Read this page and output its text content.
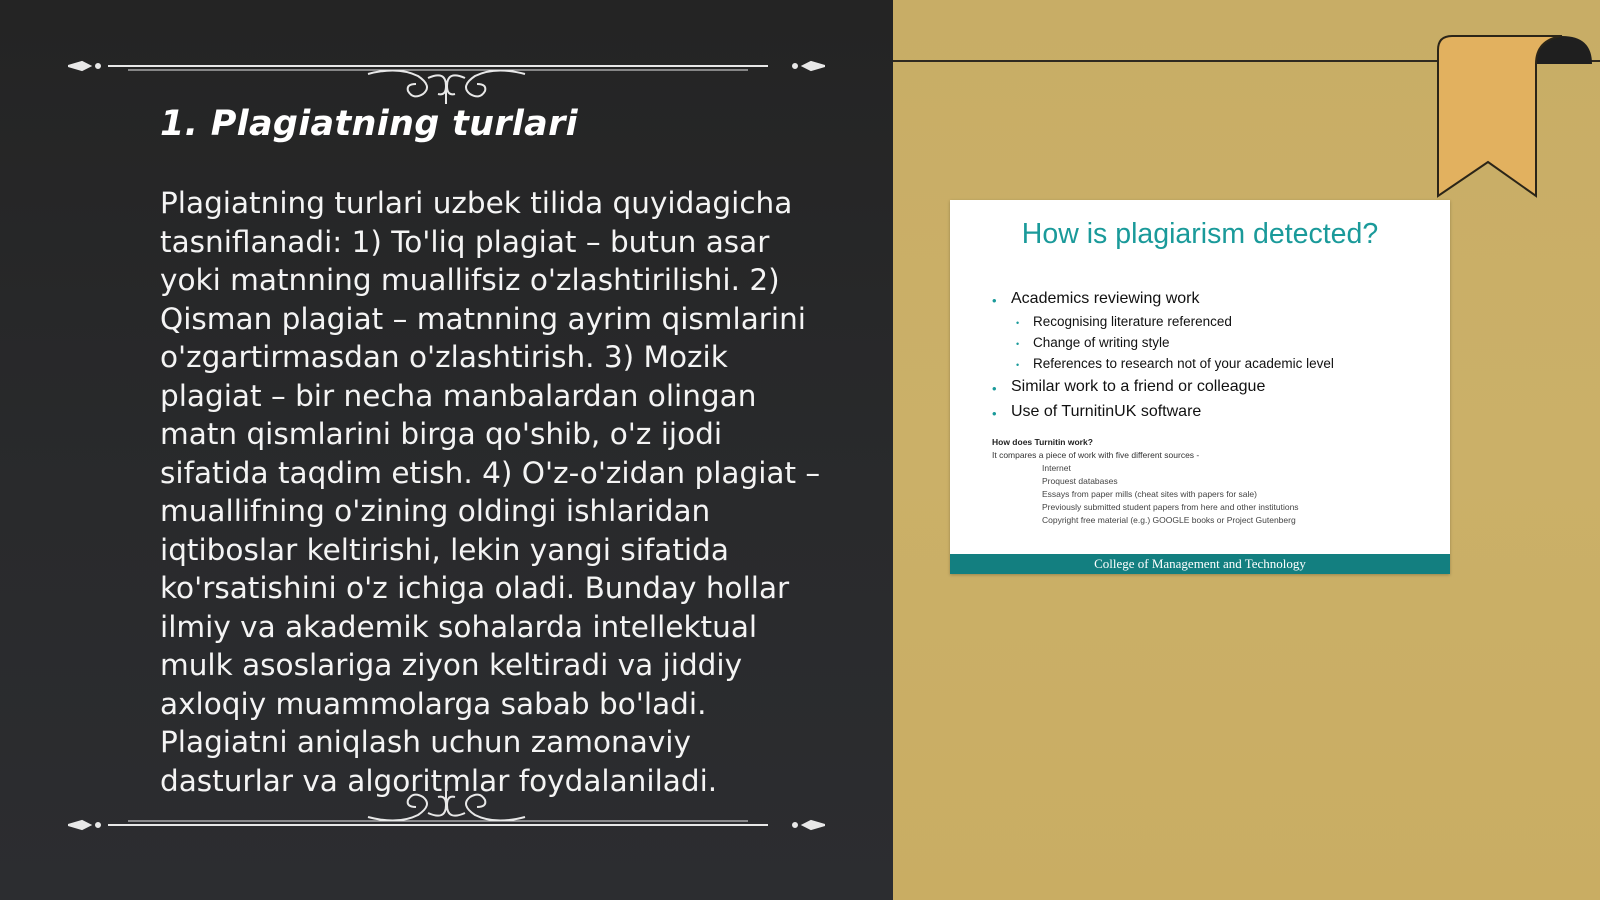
1. Plagiatning turlari

Plagiatning turlari uzbek tilida quyidagicha tasniflanadi: 1) To'liq plagiat – butun asar yoki matnning muallifsiz o'zlashtirilishi. 2) Qisman plagiat – matnning ayrim qismlarini o'zgartirmasdan o'zlashtirish. 3) Mozik plagiat – bir necha manbalardan olingan matn qismlarini birga qo'shib, o'z ijodi sifatida taqdim etish. 4) O'z-o'zidan plagiat – muallifning o'zining oldingi ishlaridan iqtiboslar keltirishi, lekin yangi sifatida ko'rsatishini o'z ichiga oladi. Bunday hollar ilmiy va akademik sohalarda intellektual mulk asoslariga ziyon keltiradi va jiddiy axloqiy muammolarga sabab bo'ladi. Plagiatni aniqlash uchun zamonaviy dasturlar va algoritmlar foydalaniladi.

How is plagiarism detected?
• Academics reviewing work
• Recognising literature referenced
• Change of writing style
• References to research not of your academic level
• Similar work to a friend or colleague
• Use of TurnitinUK software
How does Turnitin work?
It compares a piece of work with five different sources -
Internet
Proquest databases
Essays from paper mills (cheat sites with papers for sale)
Previously submitted student papers from here and other institutions
Copyright free material (e.g.) GOOGLE books or Project Gutenberg
College of Management and Technology
